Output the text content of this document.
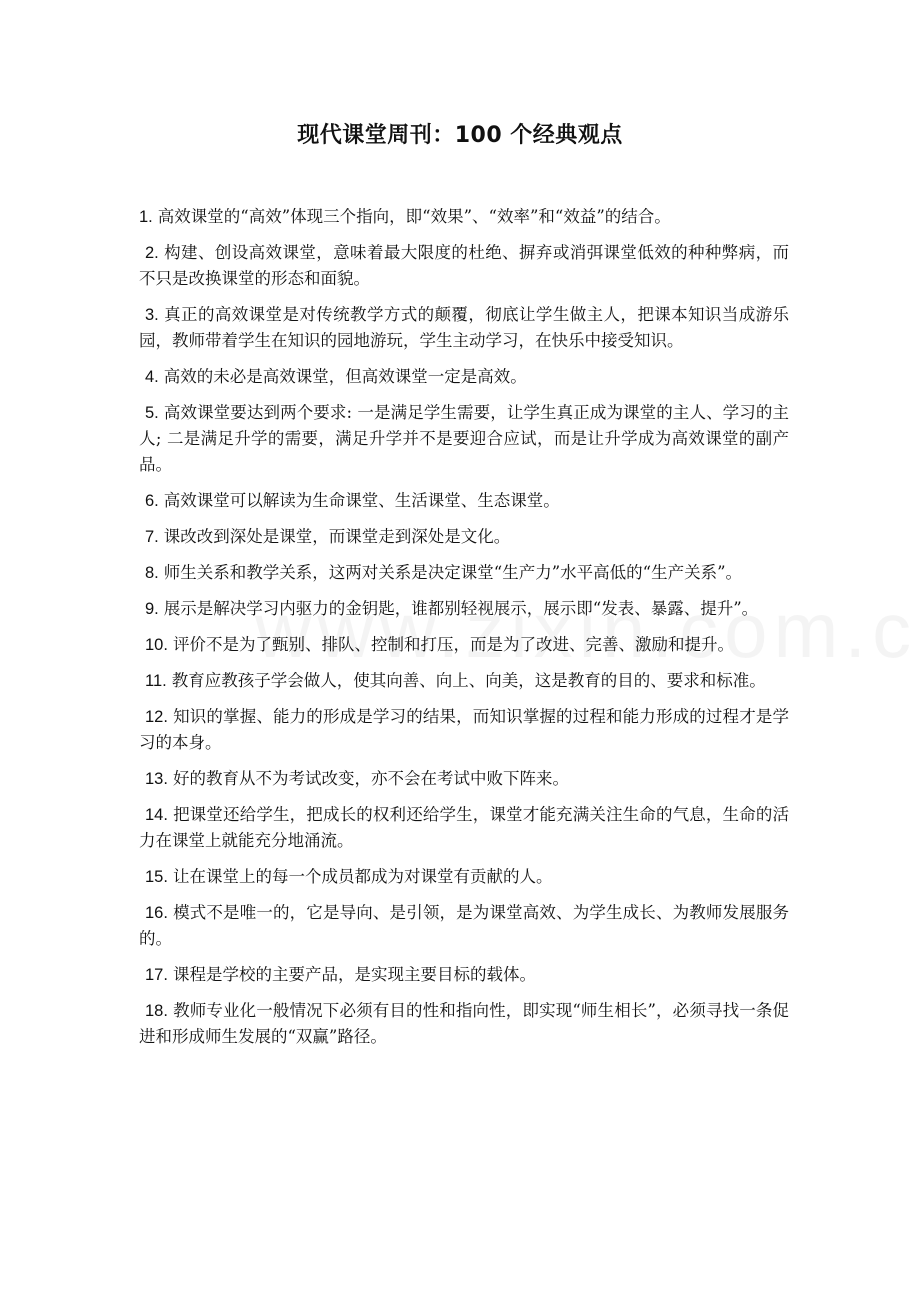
现代课堂周刊：100 个经典观点

1. 高效课堂的“高效”体现三个指向，即“效果”、“效率”和“效益”的结合。

2. 构建、创设高效课堂，意味着最大限度的杜绝、摒弃或消弭课堂低效的种种弊病，而不只是改换课堂的形态和面貌。

3. 真正的高效课堂是对传统教学方式的颠覆，彻底让学生做主人，把课本知识当成游乐园，教师带着学生在知识的园地游玩，学生主动学习，在快乐中接受知识。

4. 高效的未必是高效课堂，但高效课堂一定是高效。

5. 高效课堂要达到两个要求: 一是满足学生需要，让学生真正成为课堂的主人、学习的主人; 二是满足升学的需要，满足升学并不是要迎合应试，而是让升学成为高效课堂的副产品。

6. 高效课堂可以解读为生命课堂、生活课堂、生态课堂。

7. 课改改到深处是课堂，而课堂走到深处是文化。

8. 师生关系和教学关系，这两对关系是决定课堂“生产力”水平高低的“生产关系”。

9. 展示是解决学习内驱力的金钥匙，谁都别轻视展示，展示即“发表、暴露、提升”。

10. 评价不是为了甄别、排队、控制和打压，而是为了改进、完善、激励和提升。

11. 教育应教孩子学会做人，使其向善、向上、向美，这是教育的目的、要求和标准。

12. 知识的掌握、能力的形成是学习的结果，而知识掌握的过程和能力形成的过程才是学习的本身。

13. 好的教育从不为考试改变，亦不会在考试中败下阵来。

14. 把课堂还给学生，把成长的权利还给学生，课堂才能充满关注生命的气息，生命的活力在课堂上就能充分地涌流。

15. 让在课堂上的每一个成员都成为对课堂有贡献的人。

16. 模式不是唯一的，它是导向、是引领，是为课堂高效、为学生成长、为教师发展服务的。

17. 课程是学校的主要产品，是实现主要目标的载体。

18. 教师专业化一般情况下必须有目的性和指向性，即实现“师生相长”，必须寻找一条促进和形成师生发展的“双赢”路径。
